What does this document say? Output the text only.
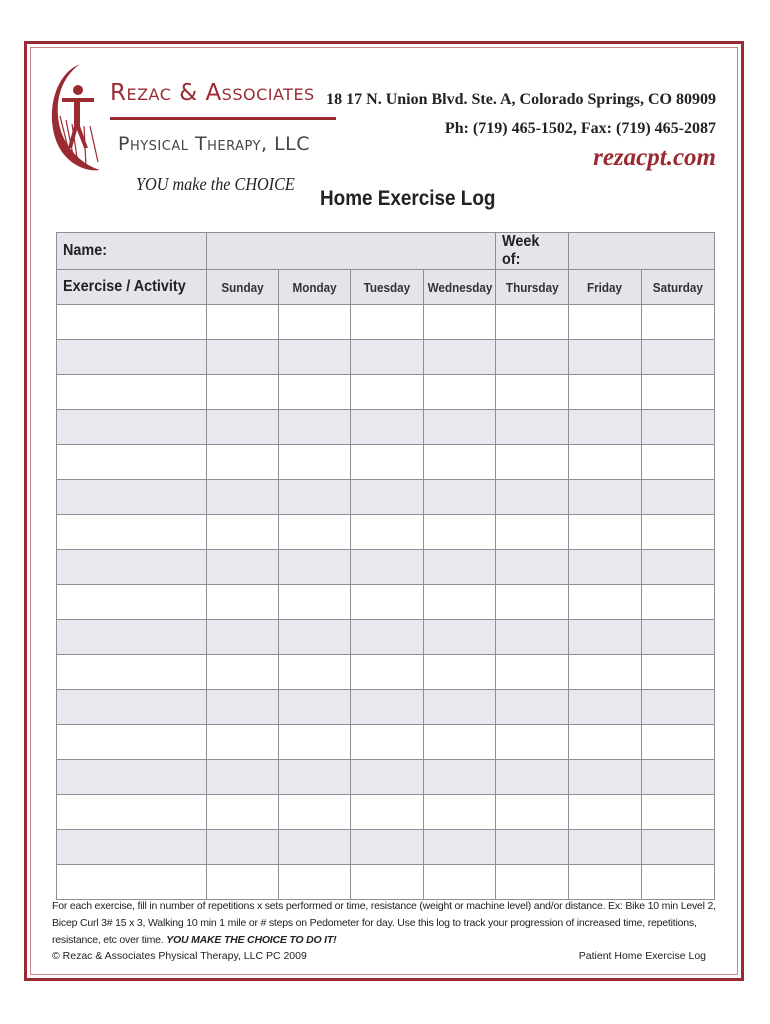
Rezac & Associates
Physical Therapy, LLC
YOU make the CHOICE
18 17 N. Union Blvd. Ste. A, Colorado Springs, CO 80909
Ph: (719) 465-1502, Fax: (719) 465-2087
rezacpt.com
Home Exercise Log
Name:					Week of:		
Exercise / Activity	Sunday	Monday	Tuesday	Wednesday	Thursday	Friday	Saturday

For each exercise, fill in number of repetitions x sets performed or time, resistance (weight or machine level) and/or distance. Ex: Bike 10 min Level 2, Bicep Curl 3# 15 x 3, Walking 10 min 1 mile or # steps on Pedometer for day. Use this log to track your progression of increased time, repetitions, resistance, etc over time. YOU MAKE THE CHOICE TO DO IT!
© Rezac & Associates Physical Therapy, LLC PC 2009	Patient Home Exercise Log
